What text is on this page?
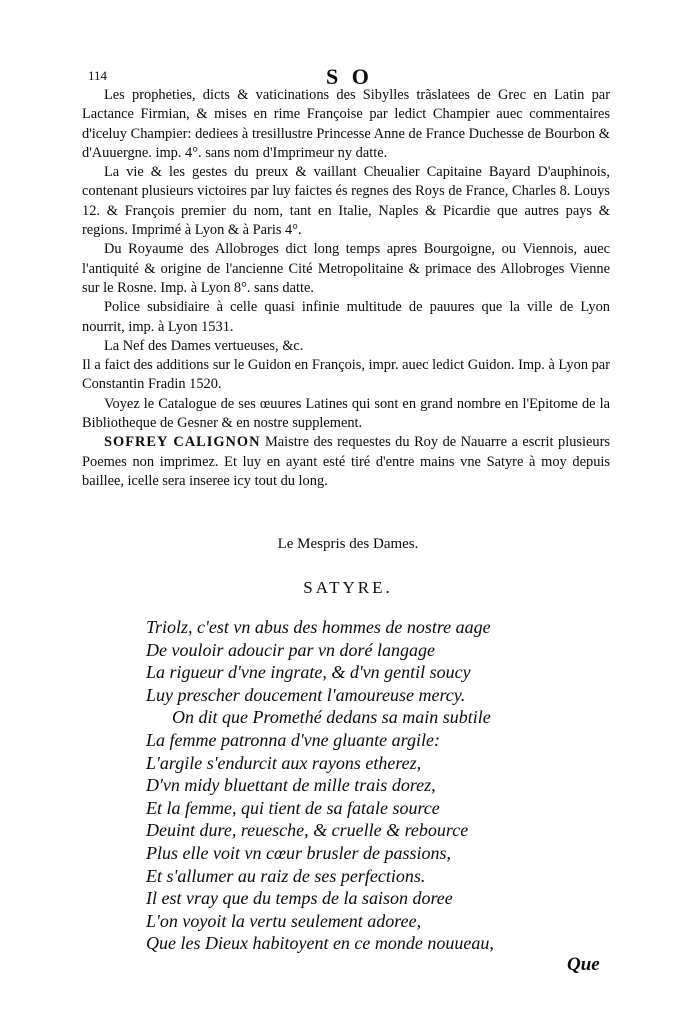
114	S O

Les propheties, dicts & vaticinations des Sibylles trãslatees de Grec en Latin par Lactance Firmian, & mises en rime Françoise par ledict Champier auec commentaires d'iceluy Champier: dediees à tresillustre Princesse Anne de France Duchesse de Bourbon & d'Auuergne. imp. 4°. sans nom d'Imprimeur ny datte.

La vie & les gestes du preux & vaillant Cheualier Capitaine Bayard D'auphinois, contenant plusieurs victoires par luy faictes és regnes des Roys de France, Charles 8. Louys 12. & François premier du nom, tant en Italie, Naples & Picardie que autres pays & regions. Imprimé à Lyon & à Paris 4°.

Du Royaume des Allobroges dict long temps apres Bourgoigne, ou Viennois, auec l'antiquité & origine de l'ancienne Cité Metropolitaine & primace des Allobroges Vienne sur le Rosne. Imp. à Lyon 8°. sans datte.

Police subsidiaire à celle quasi infinie multitude de pauures que la ville de Lyon nourrit, imp. à Lyon 1531.

La Nef des Dames vertueuses, &c.

Il a faict des additions sur le Guidon en François, impr. auec ledict Guidon. Imp. à Lyon par Constantin Fradin 1520.

Voyez le Catalogue de ses œuures Latines qui sont en grand nombre en l'Epitome de la Bibliotheque de Gesner & en nostre supplement.

SOFREY CALIGNON Maistre des requestes du Roy de Nauarre a escrit plusieurs Poemes non imprimez. Et luy en ayant esté tiré d'entre mains vne Satyre à moy depuis baillee, icelle sera inseree icy tout du long.

Le Mespris des Dames.
SATYRE.
Triolz, c'est vn abus des hommes de nostre aage
De vouloir adoucir par vn doré langage
La rigueur d'vne ingrate, & d'vn gentil soucy
Luy prescher doucement l'amoureuse mercy.
On dit que Promethé dedans sa main subtile
La femme patronna d'vne gluante argile:
L'argile s'endurcit aux rayons etherez,
D'vn midy bluettant de mille trais dorez,
Et la femme, qui tient de sa fatale source
Deuint dure, reuesche, & cruelle & rebource
Plus elle voit vn cœur brusler de passions,
Et s'allumer au raiz de ses perfections.
Il est vray que du temps de la saison doree
L'on voyoit la vertu seulement adoree,
Que les Dieux habitoyent en ce monde nouueau,
Que
